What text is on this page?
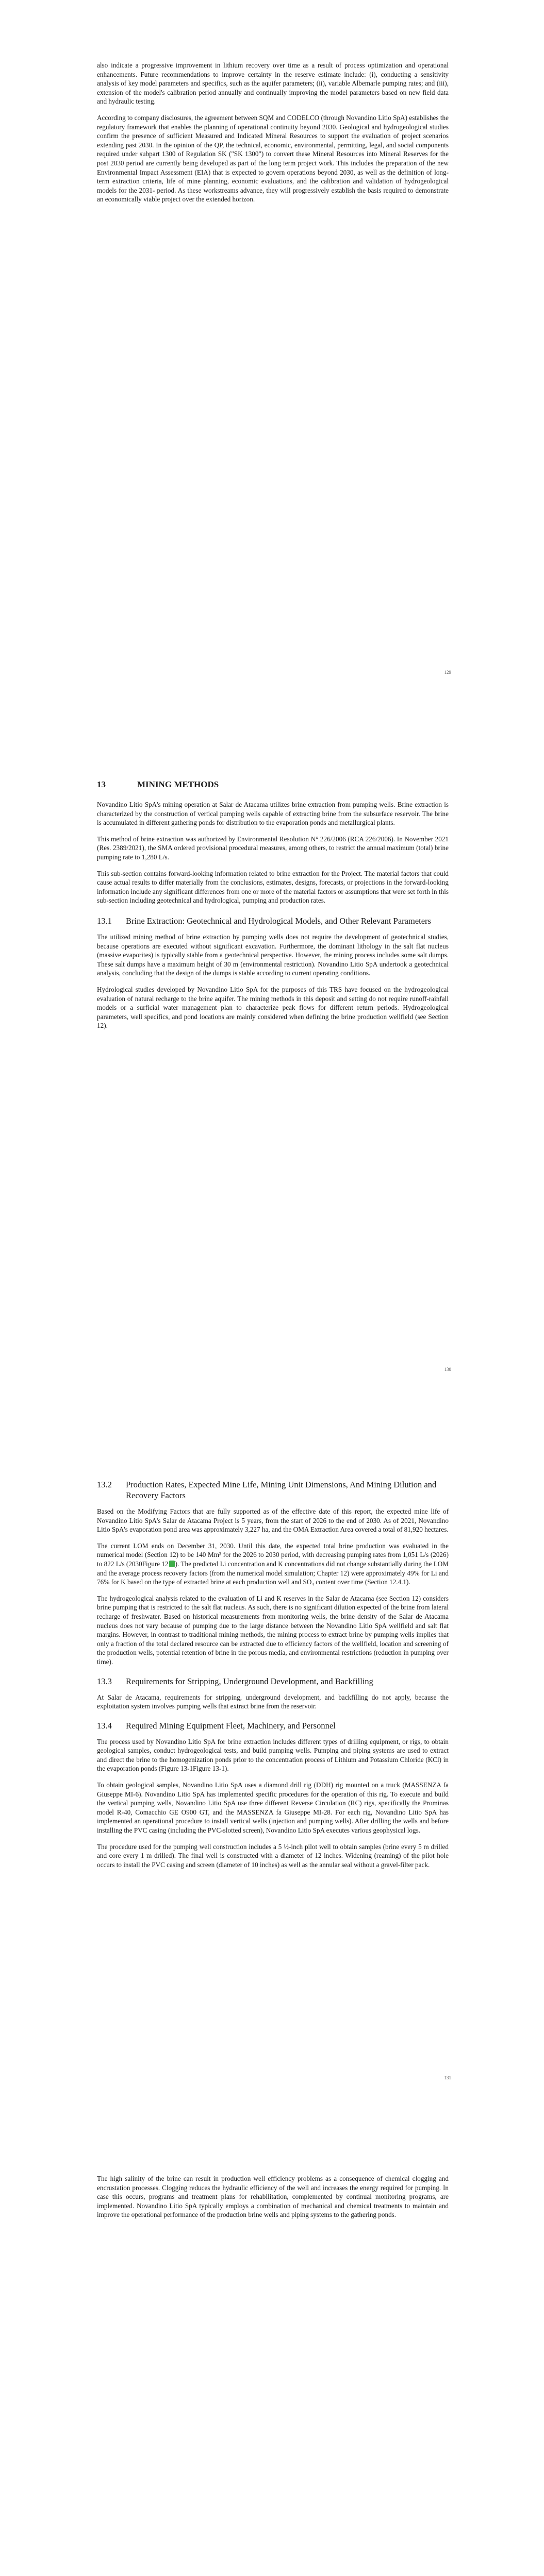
also indicate a progressive improvement in lithium recovery over time as a result of process optimization and operational enhancements. Future recommendations to improve certainty in the reserve estimate include: (i), conducting a sensitivity analysis of key model parameters and specifics, such as the aquifer parameters; (ii), variable Albemarle pumping rates; and (iii), extension of the model's calibration period annually and continually improving the model parameters based on new field data and hydraulic testing.

According to company disclosures, the agreement between SQM and CODELCO (through Novandino Litio SpA) establishes the regulatory framework that enables the planning of operational continuity beyond 2030. Geological and hydrogeological studies confirm the presence of sufficient Measured and Indicated Mineral Resources to support the evaluation of project scenarios extending past 2030. In the opinion of the QP, the technical, economic, environmental, permitting, legal, and social components required under subpart 1300 of Regulation SK ("SK 1300") to convert these Mineral Resources into Mineral Reserves for the post 2030 period are currently being developed as part of the long term project work. This includes the preparation of the new Environmental Impact Assessment (EIA) that is expected to govern operations beyond 2030, as well as the definition of long-term extraction criteria, life of mine planning, economic evaluations, and the calibration and validation of hydrogeological models for the 2031- period. As these workstreams advance, they will progressively establish the basis required to demonstrate an economically viable project over the extended horizon.

129
13	MINING METHODS

Novandino Litio SpA's mining operation at Salar de Atacama utilizes brine extraction from pumping wells. Brine extraction is characterized by the construction of vertical pumping wells capable of extracting brine from the subsurface reservoir. The brine is accumulated in different gathering ponds for distribution to the evaporation ponds and metallurgical plants.

This method of brine extraction was authorized by Environmental Resolution N° 226/2006 (RCA 226/2006). In November 2021 (Res. 2389/2021), the SMA ordered provisional procedural measures, among others, to restrict the annual maximum (total) brine pumping rate to 1,280 L/s.

This sub-section contains forward-looking information related to brine extraction for the Project. The material factors that could cause actual results to differ materially from the conclusions, estimates, designs, forecasts, or projections in the forward-looking information include any significant differences from one or more of the material factors or assumptions that were set forth in this sub-section including geotechnical and hydrological, pumping and production rates.

13.1	Brine Extraction: Geotechnical and Hydrological Models, and Other Relevant Parameters

The utilized mining method of brine extraction by pumping wells does not require the development of geotechnical studies, because operations are executed without significant excavation. Furthermore, the dominant lithology in the salt flat nucleus (massive evaporites) is typically stable from a geotechnical perspective. However, the mining process includes some salt dumps. These salt dumps have a maximum height of 30 m (environmental restriction). Novandino Litio SpA undertook a geotechnical analysis, concluding that the design of the dumps is stable according to current operating conditions.

Hydrological studies developed by Novandino Litio SpA for the purposes of this TRS have focused on the hydrogeological evaluation of natural recharge to the brine aquifer. The mining methods in this deposit and setting do not require runoff-rainfall models or a surficial water management plan to characterize peak flows for different return periods. Hydrogeological parameters, well specifics, and pond locations are mainly considered when defining the brine production wellfield (see Section 12).

130
13.2	Production Rates, Expected Mine Life, Mining Unit Dimensions, And Mining Dilution and Recovery Factors

Based on the Modifying Factors that are fully supported as of the effective date of this report, the expected mine life of Novandino Litio SpA's Salar de Atacama Project is 5 years, from the start of 2026 to the end of 2030. As of 2021, Novandino Litio SpA's evaporation pond area was approximately 3,227 ha, and the OMA Extraction Area covered a total of 81,920 hectares.

The current LOM ends on December 31, 2030. Until this date, the expected total brine production was evaluated in the numerical model (Section 12) to be 140 Mm³ for the 2026 to 2030 period, with decreasing pumping rates from 1,051 L/s (2026) to 822 L/s (2030Figure 12 ). The predicted Li concentration and K concentrations did not change substantially during the LOM and the average process recovery factors (from the numerical model simulation; Chapter 12) were approximately 49% for Li and 76% for K based on the type of extracted brine at each production well and SO₄ content over time (Section 12.4.1).

The hydrogeological analysis related to the evaluation of Li and K reserves in the Salar de Atacama (see Section 12) considers brine pumping that is restricted to the salt flat nucleus. As such, there is no significant dilution expected of the brine from lateral recharge of freshwater. Based on historical measurements from monitoring wells, the brine density of the Salar de Atacama nucleus does not vary because of pumping due to the large distance between the Novandino Litio SpA wellfield and salt flat margins. However, in contrast to traditional mining methods, the mining process to extract brine by pumping wells implies that only a fraction of the total declared resource can be extracted due to efficiency factors of the wellfield, location and screening of the production wells, potential retention of brine in the porous media, and environmental restrictions (reduction in pumping over time).

13.3	Requirements for Stripping, Underground Development, and Backfilling

At Salar de Atacama, requirements for stripping, underground development, and backfilling do not apply, because the exploitation system involves pumping wells that extract brine from the reservoir.

13.4	Required Mining Equipment Fleet, Machinery, and Personnel

The process used by Novandino Litio SpA for brine extraction includes different types of drilling equipment, or rigs, to obtain geological samples, conduct hydrogeological tests, and build pumping wells. Pumping and piping systems are used to extract and direct the brine to the homogenization ponds prior to the concentration process of Lithium and Potassium Chloride (KCl) in the evaporation ponds (Figure 13-1Figure 13-1).

To obtain geological samples, Novandino Litio SpA uses a diamond drill rig (DDH) rig mounted on a truck (MASSENZA fa Giuseppe MI-6). Novandino Litio SpA has implemented specific procedures for the operation of this rig. To execute and build the vertical pumping wells, Novandino Litio SpA use three different Reverse Circulation (RC) rigs, specifically the Prominas model R-40, Comacchio GE O900 GT, and the MASSENZA fa Giuseppe MI-28. For each rig, Novandino Litio SpA has implemented an operational procedure to install vertical wells (injection and pumping wells). After drilling the wells and before installing the PVC casing (including the PVC-slotted screen), Novandino Litio SpA executes various geophysical logs.

The procedure used for the pumping well construction includes a 5 ½-inch pilot well to obtain samples (brine every 5 m drilled and core every 1 m drilled). The final well is constructed with a diameter of 12 inches. Widening (reaming) of the pilot hole occurs to install the PVC casing and screen (diameter of 10 inches) as well as the annular seal without a gravel-filter pack.

131

The high salinity of the brine can result in production well efficiency problems as a consequence of chemical clogging and encrustation processes. Clogging reduces the hydraulic efficiency of the well and increases the energy required for pumping. In case this occurs, programs and treatment plans for rehabilitation, complemented by continual monitoring programs, are implemented. Novandino Litio SpA typically employs a combination of mechanical and chemical treatments to maintain and improve the operational performance of the production brine wells and piping systems to the gathering ponds.
